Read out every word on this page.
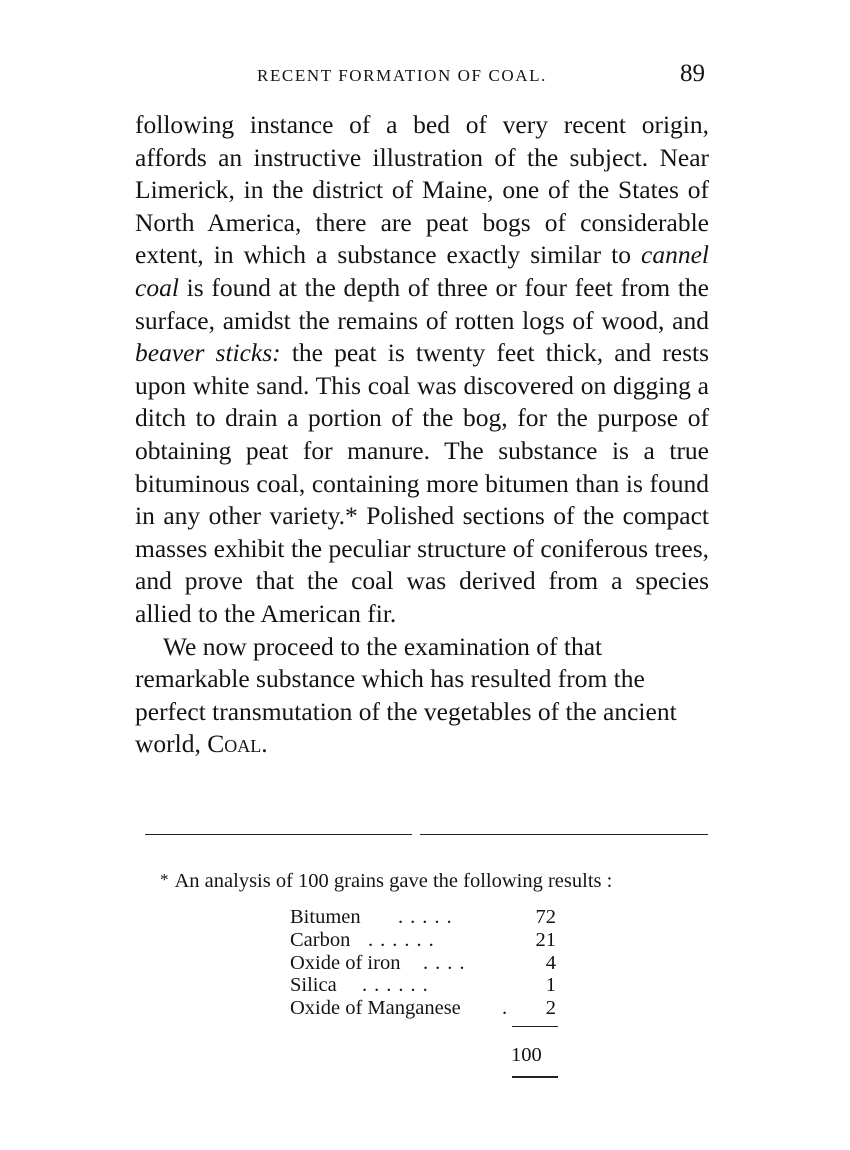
RECENT FORMATION OF COAL.	89

following instance of a bed of very recent origin, affords an instructive illustration of the subject. Near Limerick, in the district of Maine, one of the States of North America, there are peat bogs of considerable extent, in which a substance exactly similar to cannel coal is found at the depth of three or four feet from the surface, amidst the remains of rotten logs of wood, and beaver sticks: the peat is twenty feet thick, and rests upon white sand. This coal was discovered on digging a ditch to drain a portion of the bog, for the purpose of obtaining peat for manure. The substance is a true bituminous coal, containing more bitumen than is found in any other variety.* Polished sections of the compact masses exhibit the peculiar structure of coniferous trees, and prove that the coal was derived from a species allied to the American fir.

We now proceed to the examination of that remarkable substance which has resulted from the perfect transmutation of the vegetables of the ancient world, Coal.

* An analysis of 100 grains gave the following results :
Bitumen .....	72
Carbon ......	21
Oxide of iron ....	4
Silica ......	1
Oxide of Manganese . 2
100
